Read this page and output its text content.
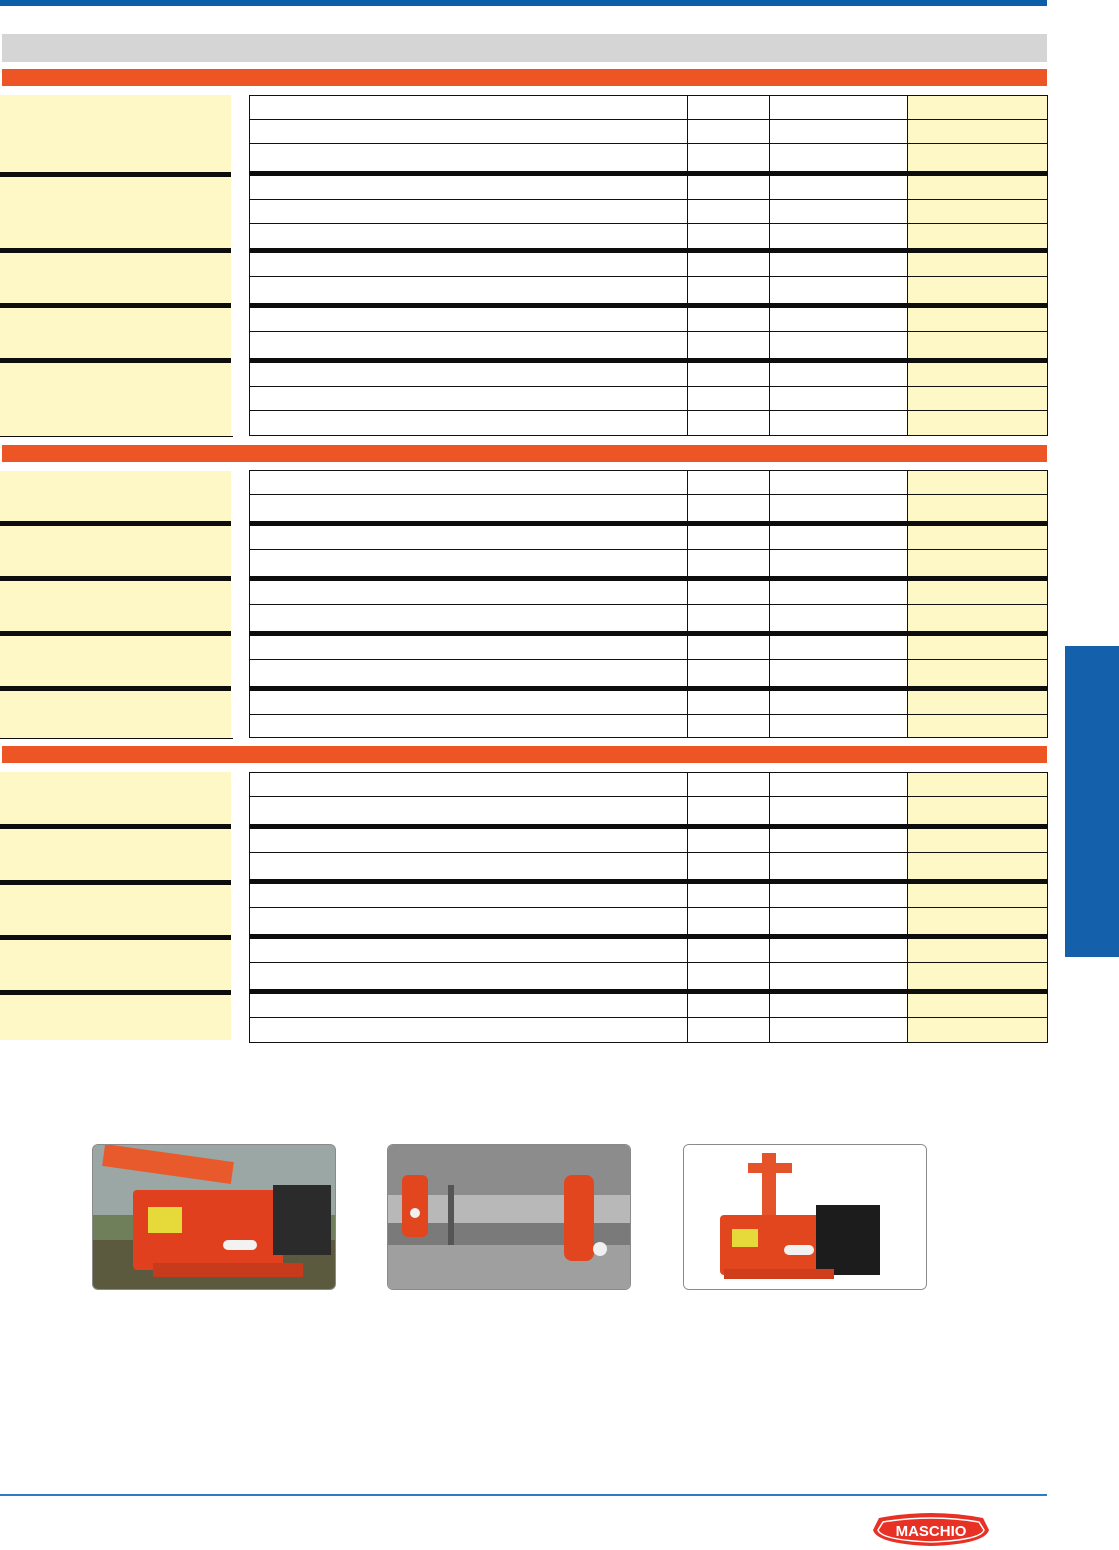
MASCHIO
